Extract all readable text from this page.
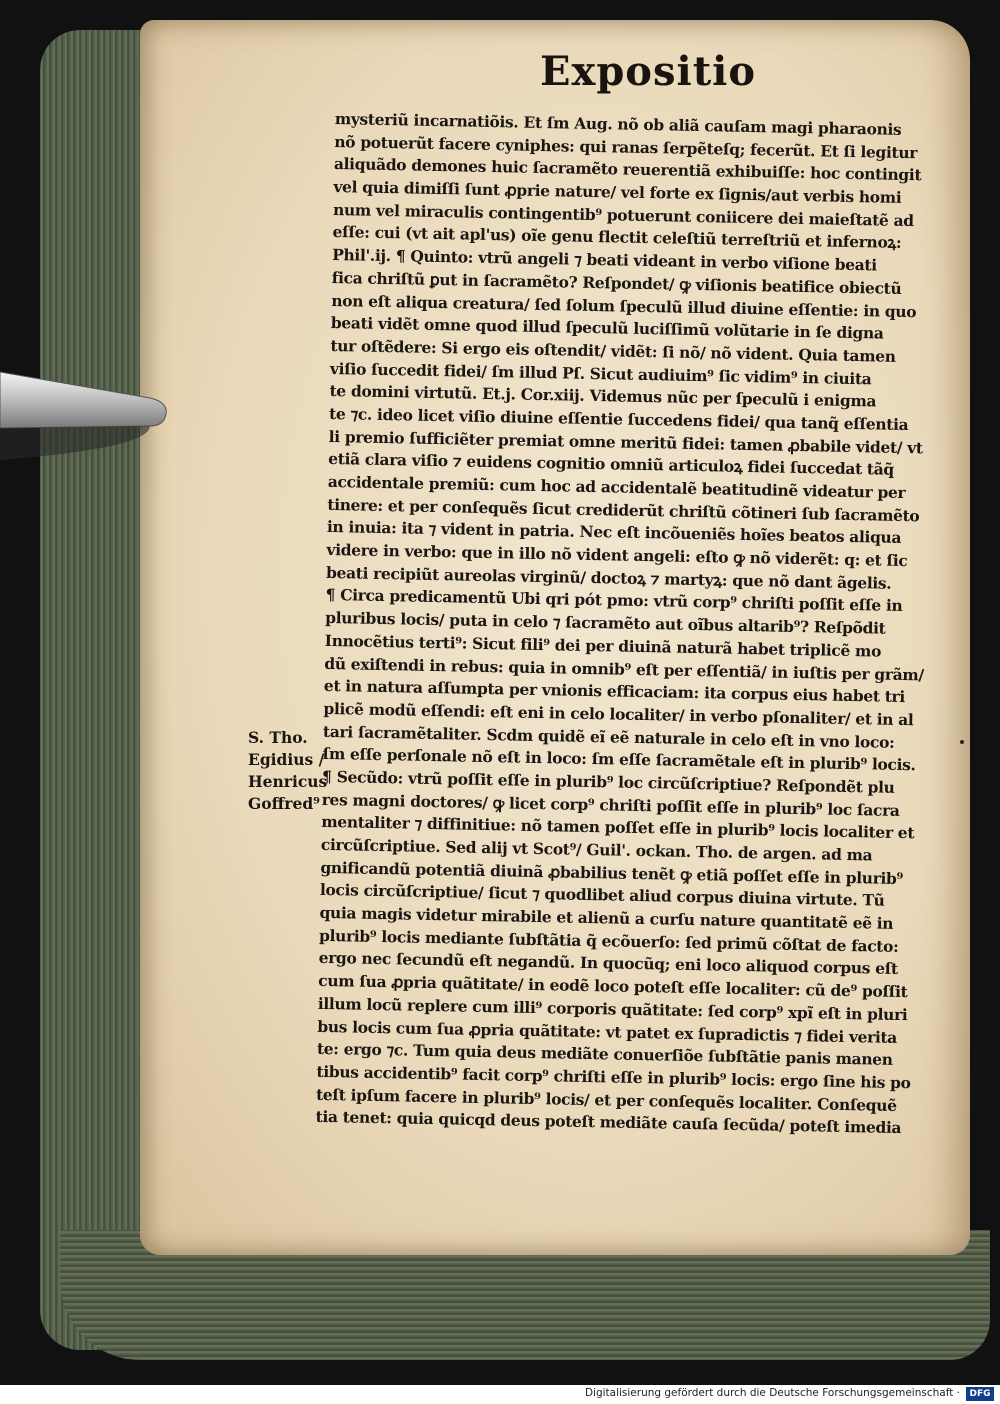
Expositio
mysteriũ incarnatiõis. Et ſm Aug. nõ ob aliã cauſam magi pharaonis
nõ potuerũt facere cyniphes: qui ranas ſerpẽteſq; fecerũt. Et ſi legitur
aliquãdo demones huic ſacramẽto reuerentiã exhibuiſſe: hoc contingit
vel quia dimiſſi ſunt ꝓprie nature/ vel forte ex ſignis/aut verbis homi
num vel miraculis contingentib⁹ potuerunt coniicere dei maieſtatẽ ad
eſſe: cui (vt ait apl'us) oĩe genu flectit celeſtiũ terreſtriũ et infernoꝝ:
Phil'.ij. ¶ Quinto: vtrũ angeli ⁊ beati videant in verbo viſione beati
fica chriſtũ ꝑut in ſacramẽto? Reſpondet/ ꝙ viſionis beatifice obiectũ
non eſt aliqua creatura/ ſed ſolum ſpeculũ illud diuine eſſentie: in quo
beati vidẽt omne quod illud ſpeculũ luciſſimũ volũtarie in ſe digna
tur oſtẽdere: Si ergo eis oſtendit/ vidẽt: ſi nõ/ nõ vident. Quia tamen
viſio ſuccedit fidei/ ſm illud Pſ. Sicut audiuim⁹ ſic vidim⁹ in ciuita
te domini virtutũ. Et.j. Cor.xiij. Videmus nũc per ſpeculũ i enigma
te ⁊c. ideo licet viſio diuine eſſentie ſuccedens fidei/ qua tanq̃ eſſentia
li premio ſufficiẽter premiat omne meritũ fidei: tamen ꝓbabile videt/ vt
etiã clara viſio ⁊ euidens cognitio omniũ articuloꝝ fidei ſuccedat tãq̃
accidentale premiũ: cum hoc ad accidentalẽ beatitudinẽ videatur per
tinere: et per conſequẽs ſicut crediderũt chriſtũ cõtineri ſub ſacramẽto
in inuia: ita ⁊ vident in patria. Nec eſt incõueniẽs hoĩes beatos aliqua
videre in verbo: que in illo nõ vident angeli: eſto ꝙ nõ viderẽt: q: et ſic
beati recipiũt aureolas virginũ/ doctoꝝ ⁊ martyꝝ: que nõ dant ãgelis.
¶ Circa predicamentũ Ubi qri pót pmo: vtrũ corp⁹ chriſti poſſit eſſe in
pluribus locis/ puta in celo ⁊ ſacramẽto aut oĩbus altarib⁹? Reſpõdit
Innocẽtius terti⁹: Sicut fili⁹ dei per diuinã naturã habet triplicẽ mo
dũ exiſtendi in rebus: quia in omnib⁹ eſt per eſſentiã/ in iuſtis per grãm/
et in natura aſſumpta per vnionis efficaciam: ita corpus eius habet tri
plicẽ modũ eſſendi: eſt eni in celo localiter/ in verbo pſonaliter/ et in al
tari ſacramẽtaliter. Scdm quidẽ eĩ eẽ naturale in celo eſt in vno loco:
ſm eſſe perſonale nõ eſt in loco: ſm eſſe ſacramẽtale eſt in plurib⁹ locis.
¶ Secũdo: vtrũ poſſit eſſe in plurib⁹ loc circũſcriptiue? Reſpondẽt plu
res magni doctores/ ꝙ licet corp⁹ chriſti poſſit eſſe in plurib⁹ loc ſacra
mentaliter ⁊ diffinitiue: nõ tamen poſſet eſſe in plurib⁹ locis localiter et
circũſcriptiue. Sed alij vt Scot⁹/ Guil'. ockan. Tho. de argen. ad ma
gnificandũ potentiã diuinã ꝓbabilius tenẽt ꝙ etiã poſſet eſſe in plurib⁹
locis circũſcriptiue/ ſicut ⁊ quodlibet aliud corpus diuina virtute. Tũ
quia magis videtur mirabile et alienũ a curſu nature quantitatẽ eẽ in
plurib⁹ locis mediante ſubſtãtia q̃ ecõuerſo: ſed primũ cõſtat de facto:
ergo nec ſecundũ eſt negandũ. In quocũq; eni loco aliquod corpus eſt
cum ſua ꝓpria quãtitate/ in eodẽ loco poteſt eſſe localiter: cũ de⁹ poſſit
illum locũ replere cum illi⁹ corporis quãtitate: ſed corp⁹ xpĩ eſt in pluri
bus locis cum ſua ꝓpria quãtitate: vt patet ex ſupradictis ⁊ fidei verita
te: ergo ⁊c. Tum quia deus mediãte conuerſiõe ſubſtãtie panis manen
tibus accidentib⁹ facit corp⁹ chriſti eſſe in plurib⁹ locis: ergo ſine his po
teſt ipſum facere in plurib⁹ locis/ et per conſequẽs localiter. Conſequẽ
tia tenet: quia quicqd deus poteſt mediãte cauſa ſecũda/ poteſt imedia
S. Tho.
Egidius /
Henricus
Goffred⁹
Digitalisierung gefördert durch die Deutsche Forschungsgemeinschaft ·	DFG
